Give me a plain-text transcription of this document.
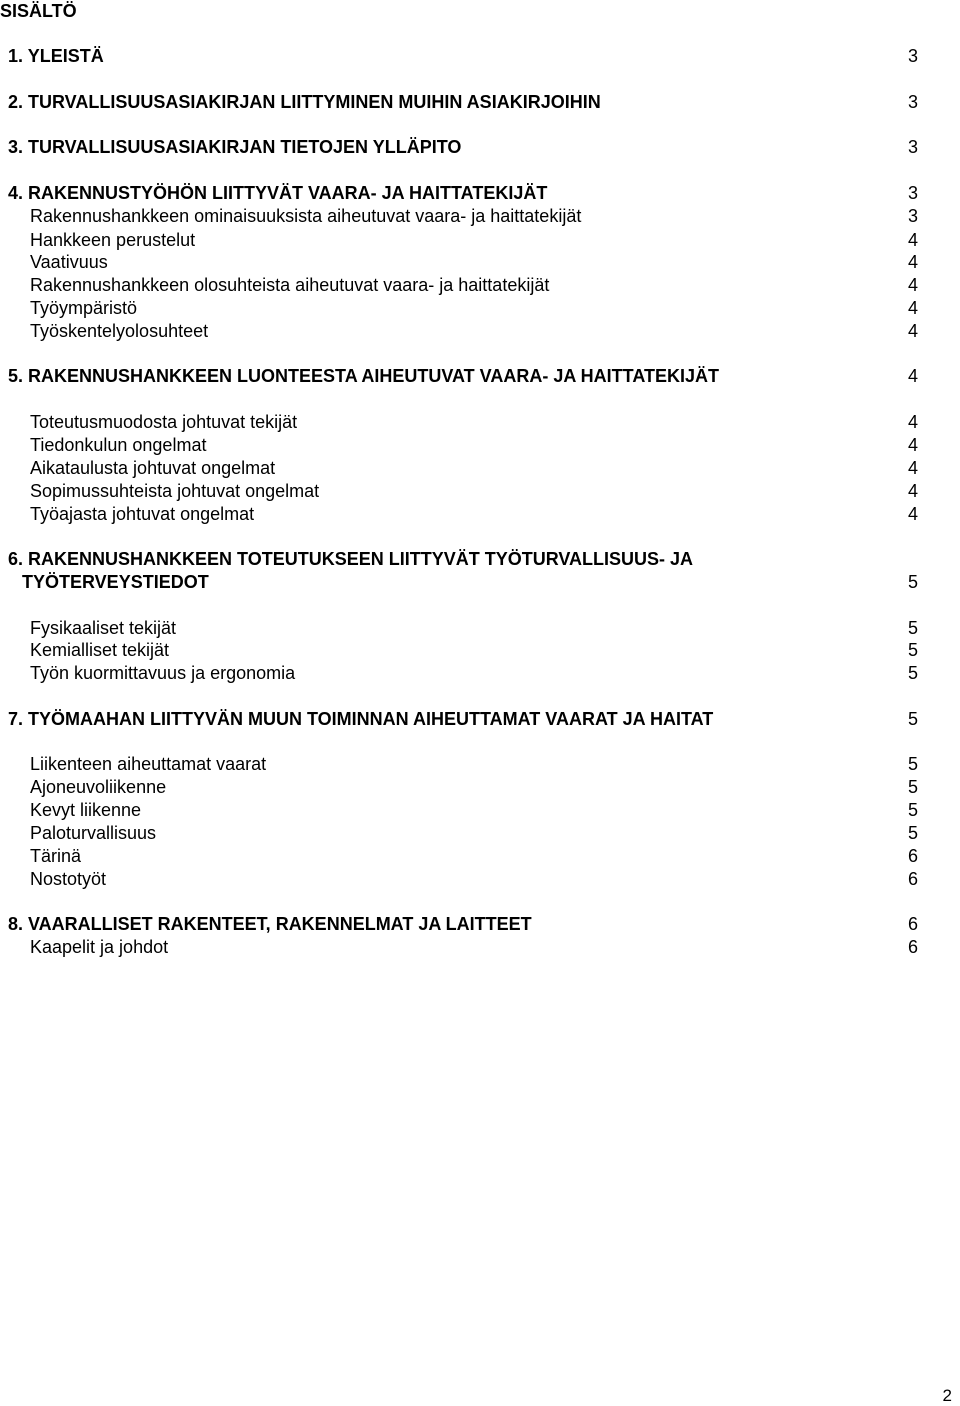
SISÄLTÖ
1. YLEISTÄ	3
2. TURVALLISUUSASIAKIRJAN LIITTYMINEN MUIHIN ASIAKIRJOIHIN	3
3. TURVALLISUUSASIAKIRJAN TIETOJEN YLLÄPITO	3
4. RAKENNUSTYÖHÖN LIITTYVÄT VAARA- JA HAITTATEKIJÄT	3
Rakennushankkeen ominaisuuksista aiheutuvat vaara- ja haittatekijät	3
Hankkeen perustelut	4
Vaativuus	4
Rakennushankkeen olosuhteista aiheutuvat vaara- ja haittatekijät	4
Työympäristö	4
Työskentelyolosuhteet	4
5. RAKENNUSHANKKEEN LUONTEESTA AIHEUTUVAT VAARA- JA HAITTATEKIJÄT	4
Toteutusmuodosta johtuvat tekijät	4
Tiedonkulun ongelmat	4
Aikataulusta johtuvat ongelmat	4
Sopimussuhteista johtuvat ongelmat	4
Työajasta johtuvat ongelmat	4
6. RAKENNUSHANKKEEN TOTEUTUKSEEN LIITTYVÄT TYÖTURVALLISUUS- JA
TYÖTERVEYSTIEDOT	5
Fysikaaliset tekijät	5
Kemialliset tekijät	5
Työn kuormittavuus ja ergonomia	5
7. TYÖMAAHAN LIITTYVÄN MUUN TOIMINNAN AIHEUTTAMAT VAARAT JA HAITAT	5
Liikenteen aiheuttamat vaarat	5
Ajoneuvoliikenne	5
Kevyt liikenne	5
Paloturvallisuus	5
Tärinä	6
Nostotyöt	6
8. VAARALLISET RAKENTEET, RAKENNELMAT JA LAITTEET	6
Kaapelit ja johdot	6
2
